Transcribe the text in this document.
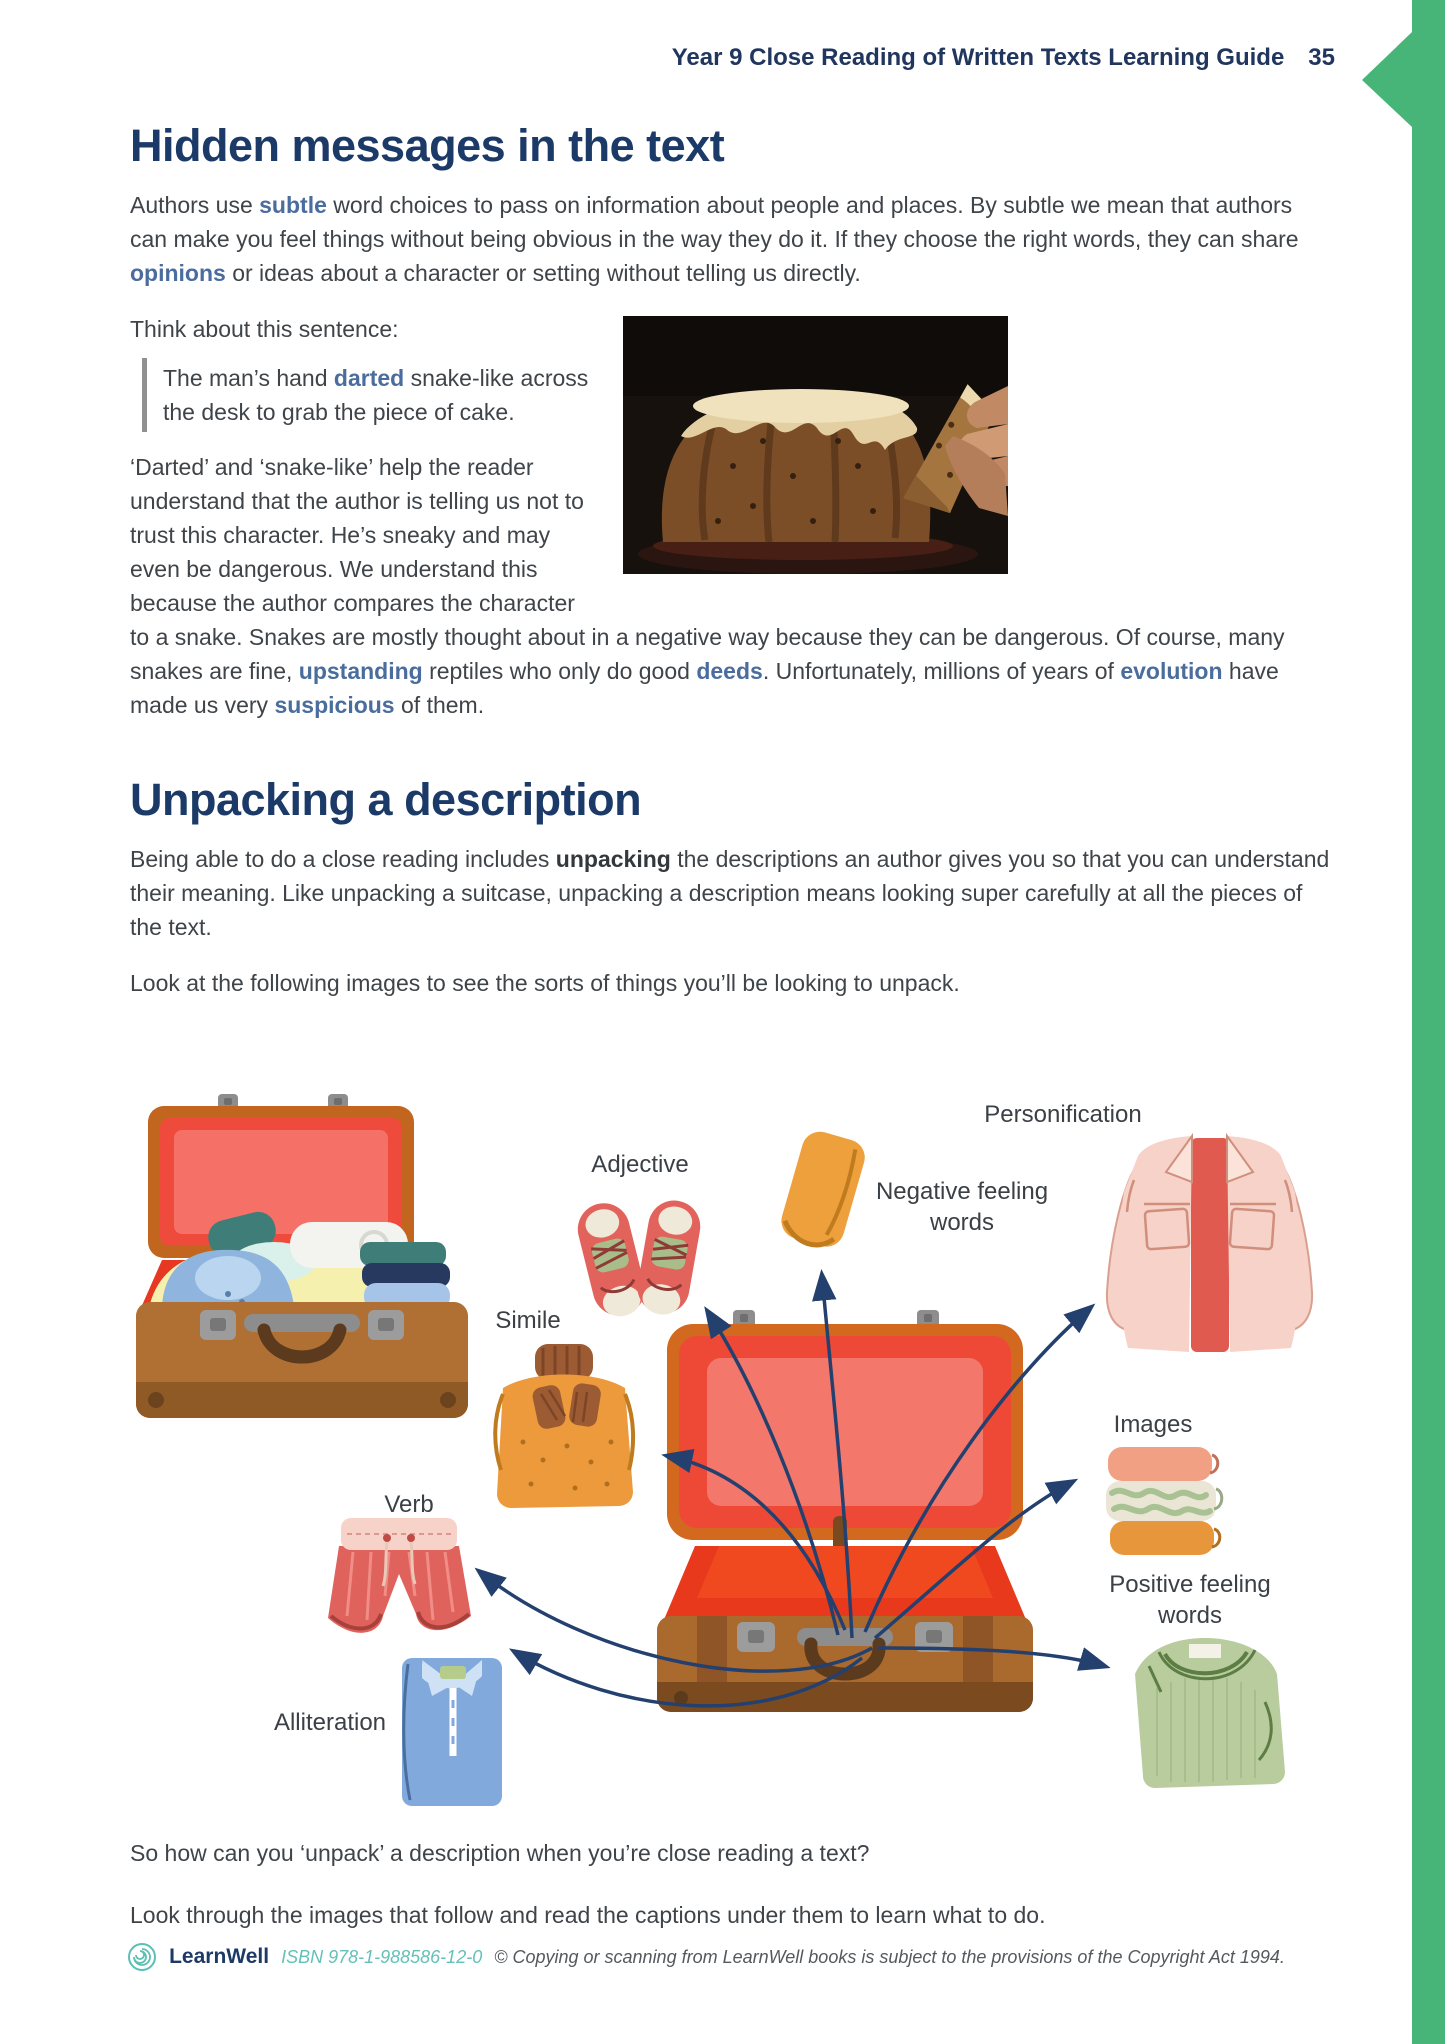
Year 9 Close Reading of Written Texts Learning Guide 35
Hidden messages in the text

Authors use subtle word choices to pass on information about people and places. By subtle we mean that authors can make you feel things without being obvious in the way they do it. If they choose the right words, they can share opinions or ideas about a character or setting without telling us directly.

Think about this sentence:

The man’s hand darted snake-like across the desk to grab the piece of cake.

‘Darted’ and ‘snake-like’ help the reader understand that the author is telling us not to trust this character. He’s sneaky and may even be dangerous. We understand this because the author compares the character to a snake. Snakes are mostly thought about in a negative way because they can be dangerous. Of course, many snakes are fine, upstanding reptiles who only do good deeds. Unfortunately, millions of years of evolution have made us very suspicious of them.

Unpacking a description

Being able to do a close reading includes unpacking the descriptions an author gives you so that you can understand their meaning. Like unpacking a suitcase, unpacking a description means looking super carefully at all the pieces of the text.

Look at the following images to see the sorts of things you’ll be looking to unpack.

Personification
Adjective
Negative feeling words
Simile
Images
Verb
Positive feeling words
Alliteration

So how can you ‘unpack’ a description when you’re close reading a text?

Look through the images that follow and read the captions under them to learn what to do.

LearnWell ISBN 978-1-988586-12-0 © Copying or scanning from LearnWell books is subject to the provisions of the Copyright Act 1994.
